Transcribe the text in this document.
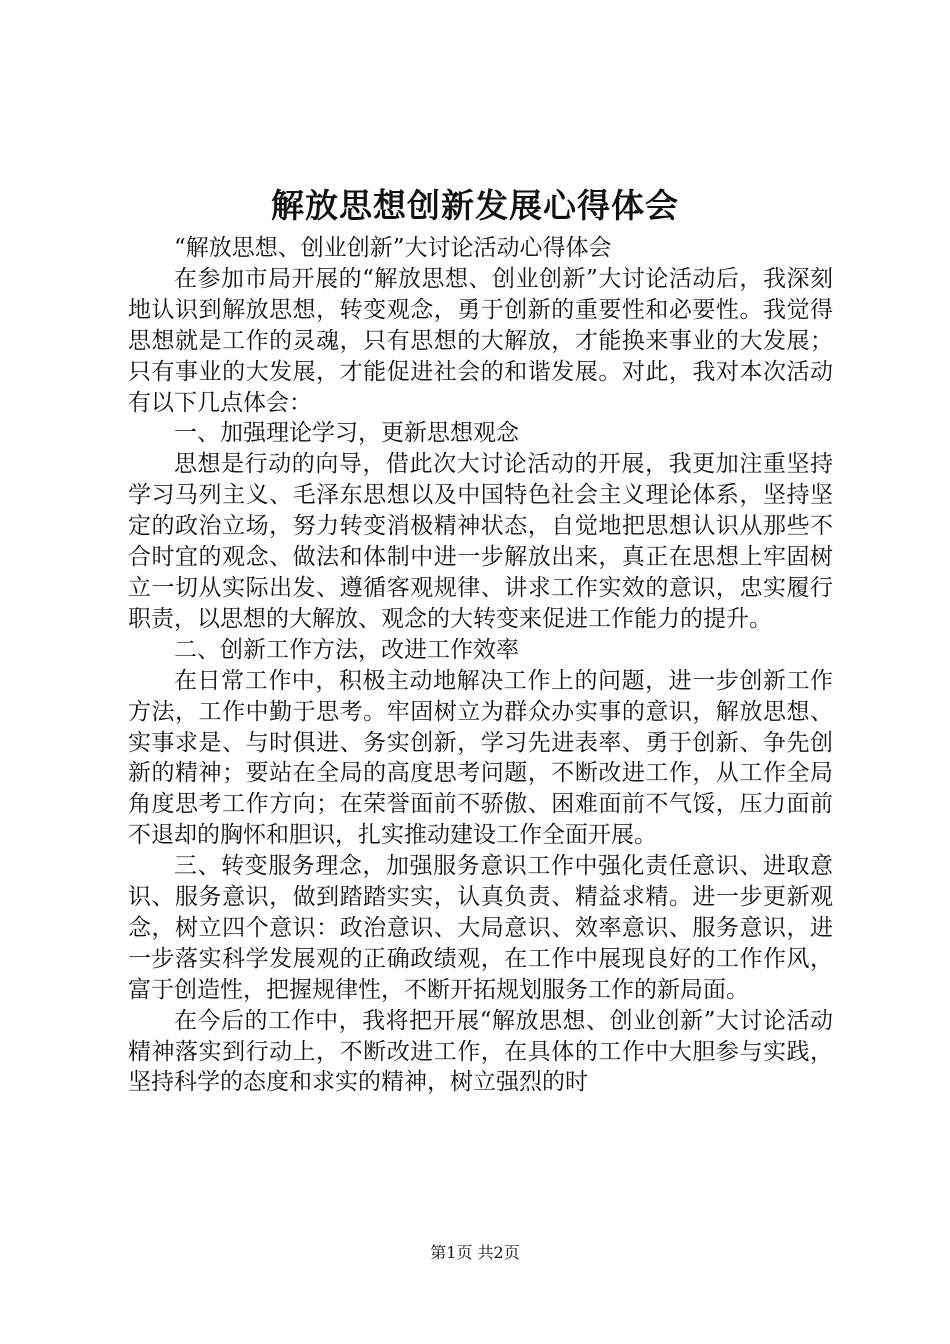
解放思想创新发展心得体会

“解放思想、创业创新”大讨论活动心得体会

在参加市局开展的“解放思想、创业创新”大讨论活动后，我深刻地认识到解放思想，转变观念，勇于创新的重要性和必要性。我觉得思想就是工作的灵魂，只有思想的大解放，才能换来事业的大发展；只有事业的大发展，才能促进社会的和谐发展。对此，我对本次活动有以下几点体会：

一、加强理论学习，更新思想观念

思想是行动的向导，借此次大讨论活动的开展，我更加注重坚持学习马列主义、毛泽东思想以及中国特色社会主义理论体系，坚持坚定的政治立场，努力转变消极精神状态，自觉地把思想认识从那些不合时宜的观念、做法和体制中进一步解放出来，真正在思想上牢固树立一切从实际出发、遵循客观规律、讲求工作实效的意识，忠实履行职责，以思想的大解放、观念的大转变来促进工作能力的提升。

二、创新工作方法，改进工作效率

在日常工作中，积极主动地解决工作上的问题，进一步创新工作方法，工作中勤于思考。牢固树立为群众办实事的意识，解放思想、实事求是、与时俱进、务实创新，学习先进表率、勇于创新、争先创新的精神；要站在全局的高度思考问题，不断改进工作，从工作全局角度思考工作方向；在荣誉面前不骄傲、困难面前不气馁，压力面前不退却的胸怀和胆识，扎实推动建设工作全面开展。

三、转变服务理念，加强服务意识工作中强化责任意识、进取意识、服务意识，做到踏踏实实，认真负责、精益求精。进一步更新观念，树立四个意识：政治意识、大局意识、效率意识、服务意识，进一步落实科学发展观的正确政绩观，在工作中展现良好的工作作风，富于创造性，把握规律性，不断开拓规划服务工作的新局面。

在今后的工作中，我将把开展“解放思想、创业创新”大讨论活动精神落实到行动上，不断改进工作，在具体的工作中大胆参与实践，坚持科学的态度和求实的精神，树立强烈的时

第1页 共2页
